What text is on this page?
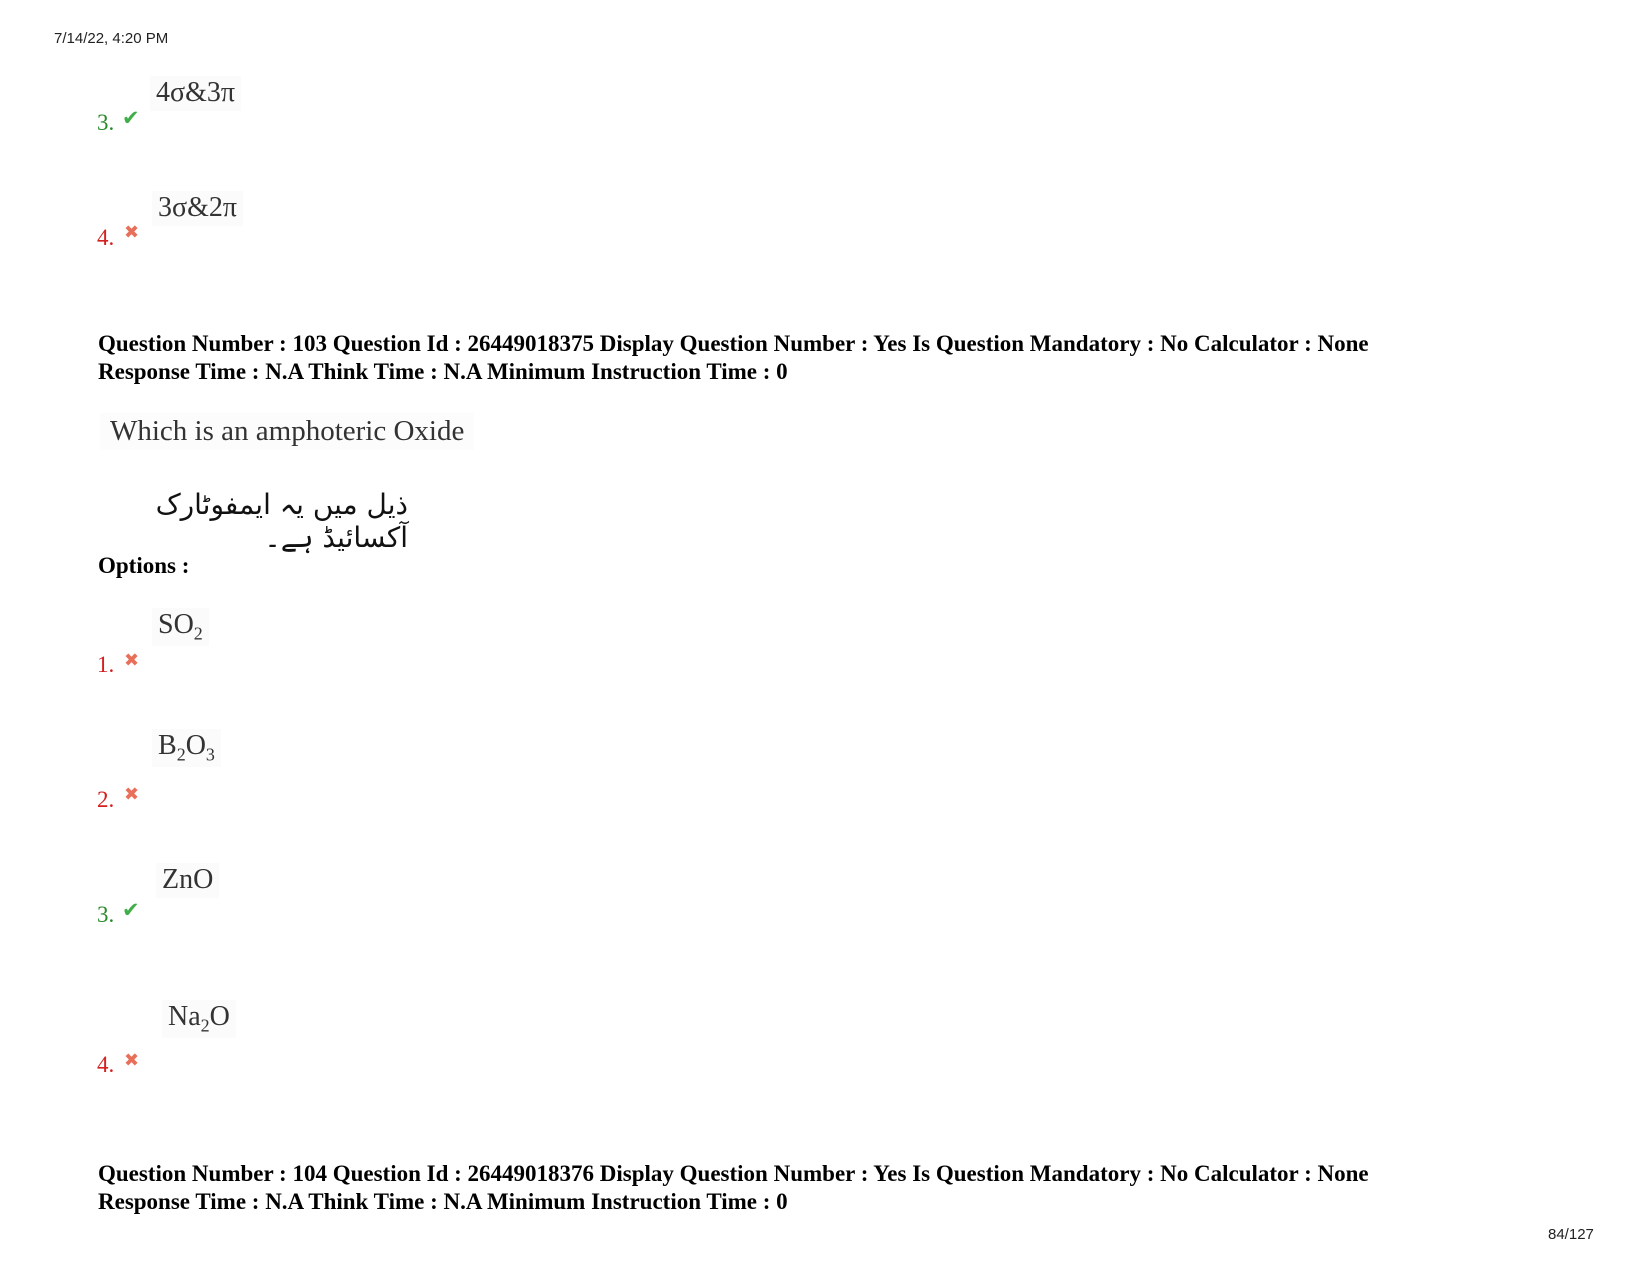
7/14/22, 4:20 PM
3. ✔
4σ&3π
4. ✖
3σ&2π
Question Number : 103 Question Id : 26449018375 Display Question Number : Yes Is Question Mandatory : No Calculator : None
Response Time : N.A Think Time : N.A Minimum Instruction Time : 0
Which is an amphoteric Oxide
ذیل میں یہ ایمفوٹارک آکسائیڈ ہے۔
Options :
1. ✖
$SO_2$
2. ✖
$B_2O_3$
3. ✔
ZnO
4. ✖
$Na_2O$
Question Number : 104 Question Id : 26449018376 Display Question Number : Yes Is Question Mandatory : No Calculator : None
Response Time : N.A Think Time : N.A Minimum Instruction Time : 0
84/127
